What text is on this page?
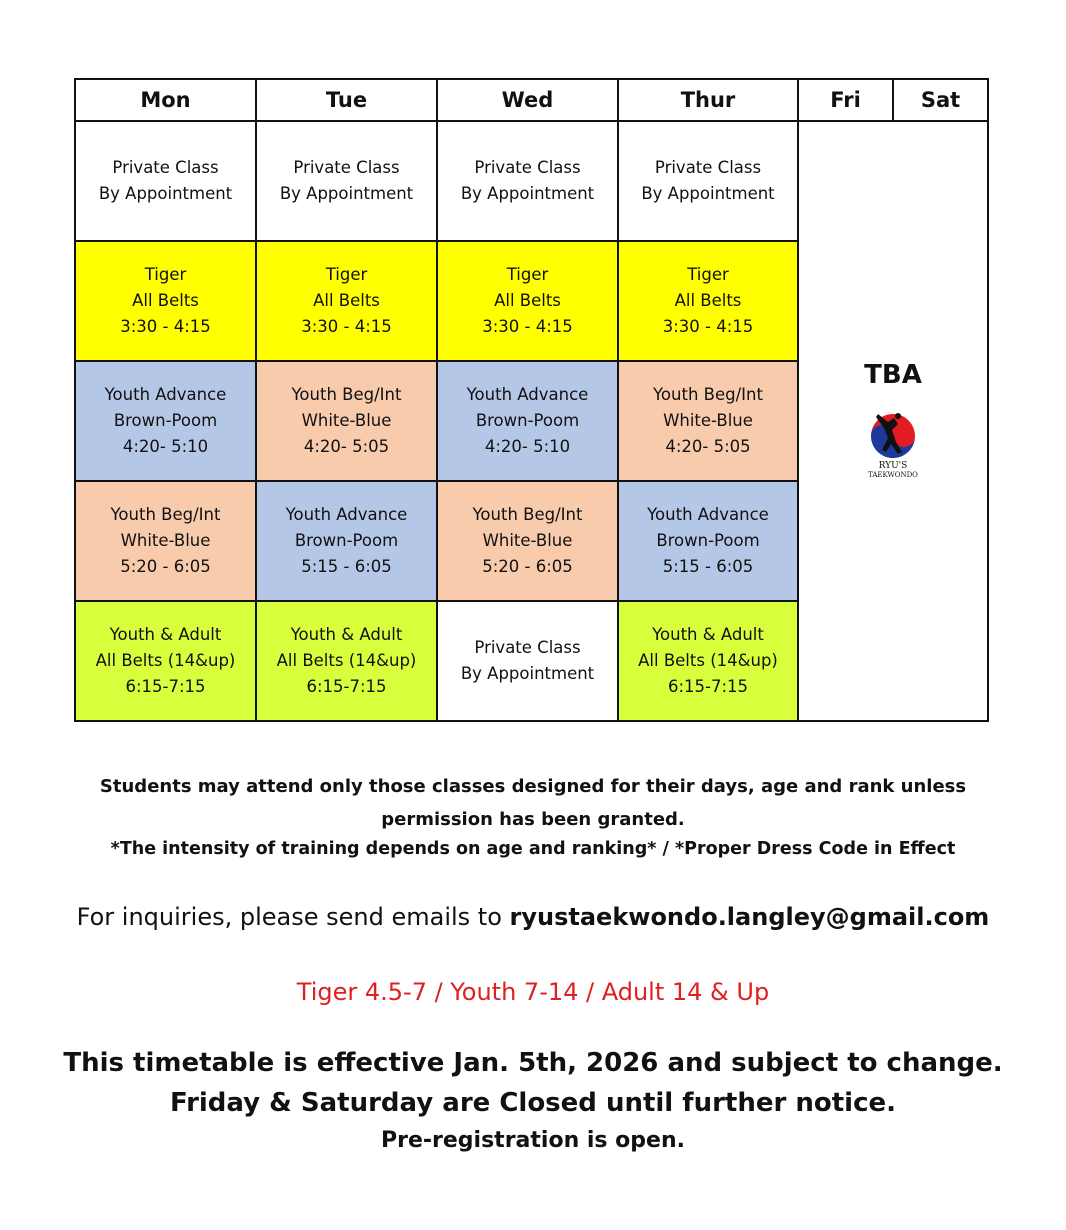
Mon	Tue	Wed	Thur	Fri	Sat

Private Class
By Appointment	Private Class
By Appointment	Private Class
By Appointment	Private Class
By Appointment	TBA
RYU'S
TAEKWONDO	

Tiger
All Belts
3:30 - 4:15	Tiger
All Belts
3:30 - 4:15	Tiger
All Belts
3:30 - 4:15	Tiger
All Belts
3:30 - 4:15		

Youth Advance
Brown-Poom
4:20- 5:10	Youth Beg/Int
White-Blue
4:20- 5:05	Youth Advance
Brown-Poom
4:20- 5:10	Youth Beg/Int
White-Blue
4:20- 5:05		

Youth Beg/Int
White-Blue
5:20 - 6:05	Youth Advance
Brown-Poom
5:15 - 6:05	Youth Beg/Int
White-Blue
5:20 - 6:05	Youth Advance
Brown-Poom
5:15 - 6:05		

Youth & Adult
All Belts (14&up)
6:15-7:15	Youth & Adult
All Belts (14&up)
6:15-7:15	Private Class
By Appointment	Youth & Adult
All Belts (14&up)
6:15-7:15		
Students may attend only those classes designed for their days, age and rank unless
permission has been granted.
*The intensity of training depends on age and ranking* / *Proper Dress Code in Effect
For inquiries, please send emails to ryustaekwondo.langley@gmail.com
Tiger 4.5-7 / Youth 7-14 / Adult 14 & Up
This timetable is effective Jan. 5th, 2026 and subject to change.
Friday & Saturday are Closed until further notice.
Pre-registration is open.
